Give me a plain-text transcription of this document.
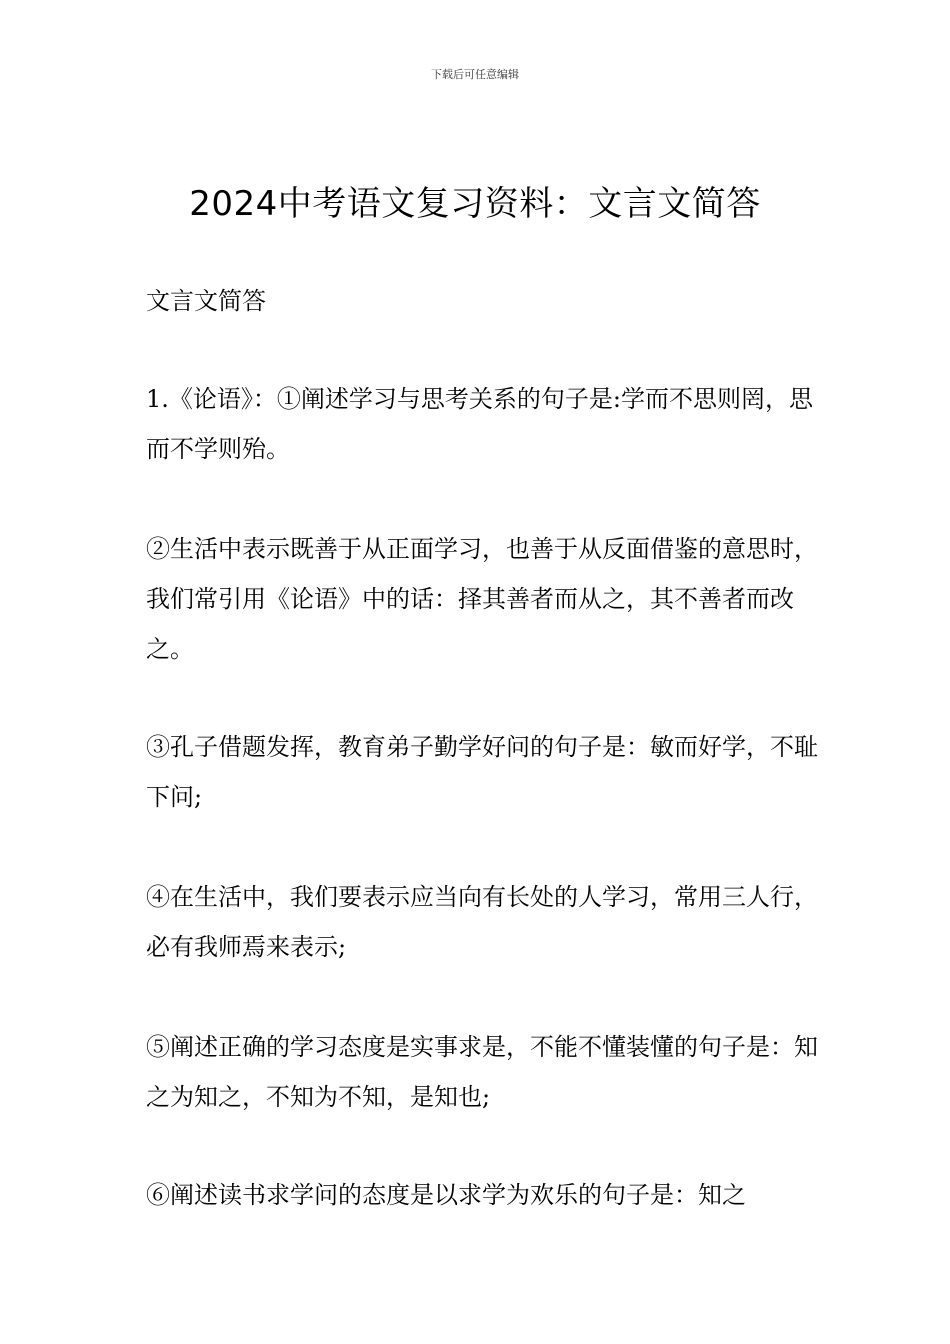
下载后可任意编辑
2024中考语文复习资料：文言文简答

文言文简答

1.《论语》：①阐述学习与思考关系的句子是:学而不思则罔，思而不学则殆。

②生活中表示既善于从正面学习，也善于从反面借鉴的意思时，我们常引用《论语》中的话：择其善者而从之，其不善者而改之。

③孔子借题发挥，教育弟子勤学好问的句子是：敏而好学，不耻下问;

④在生活中，我们要表示应当向有长处的人学习，常用三人行，必有我师焉来表示;

⑤阐述正确的学习态度是实事求是，不能不懂装懂的句子是：知之为知之，不知为不知，是知也;

⑥阐述读书求学问的态度是以求学为欢乐的句子是：知之
